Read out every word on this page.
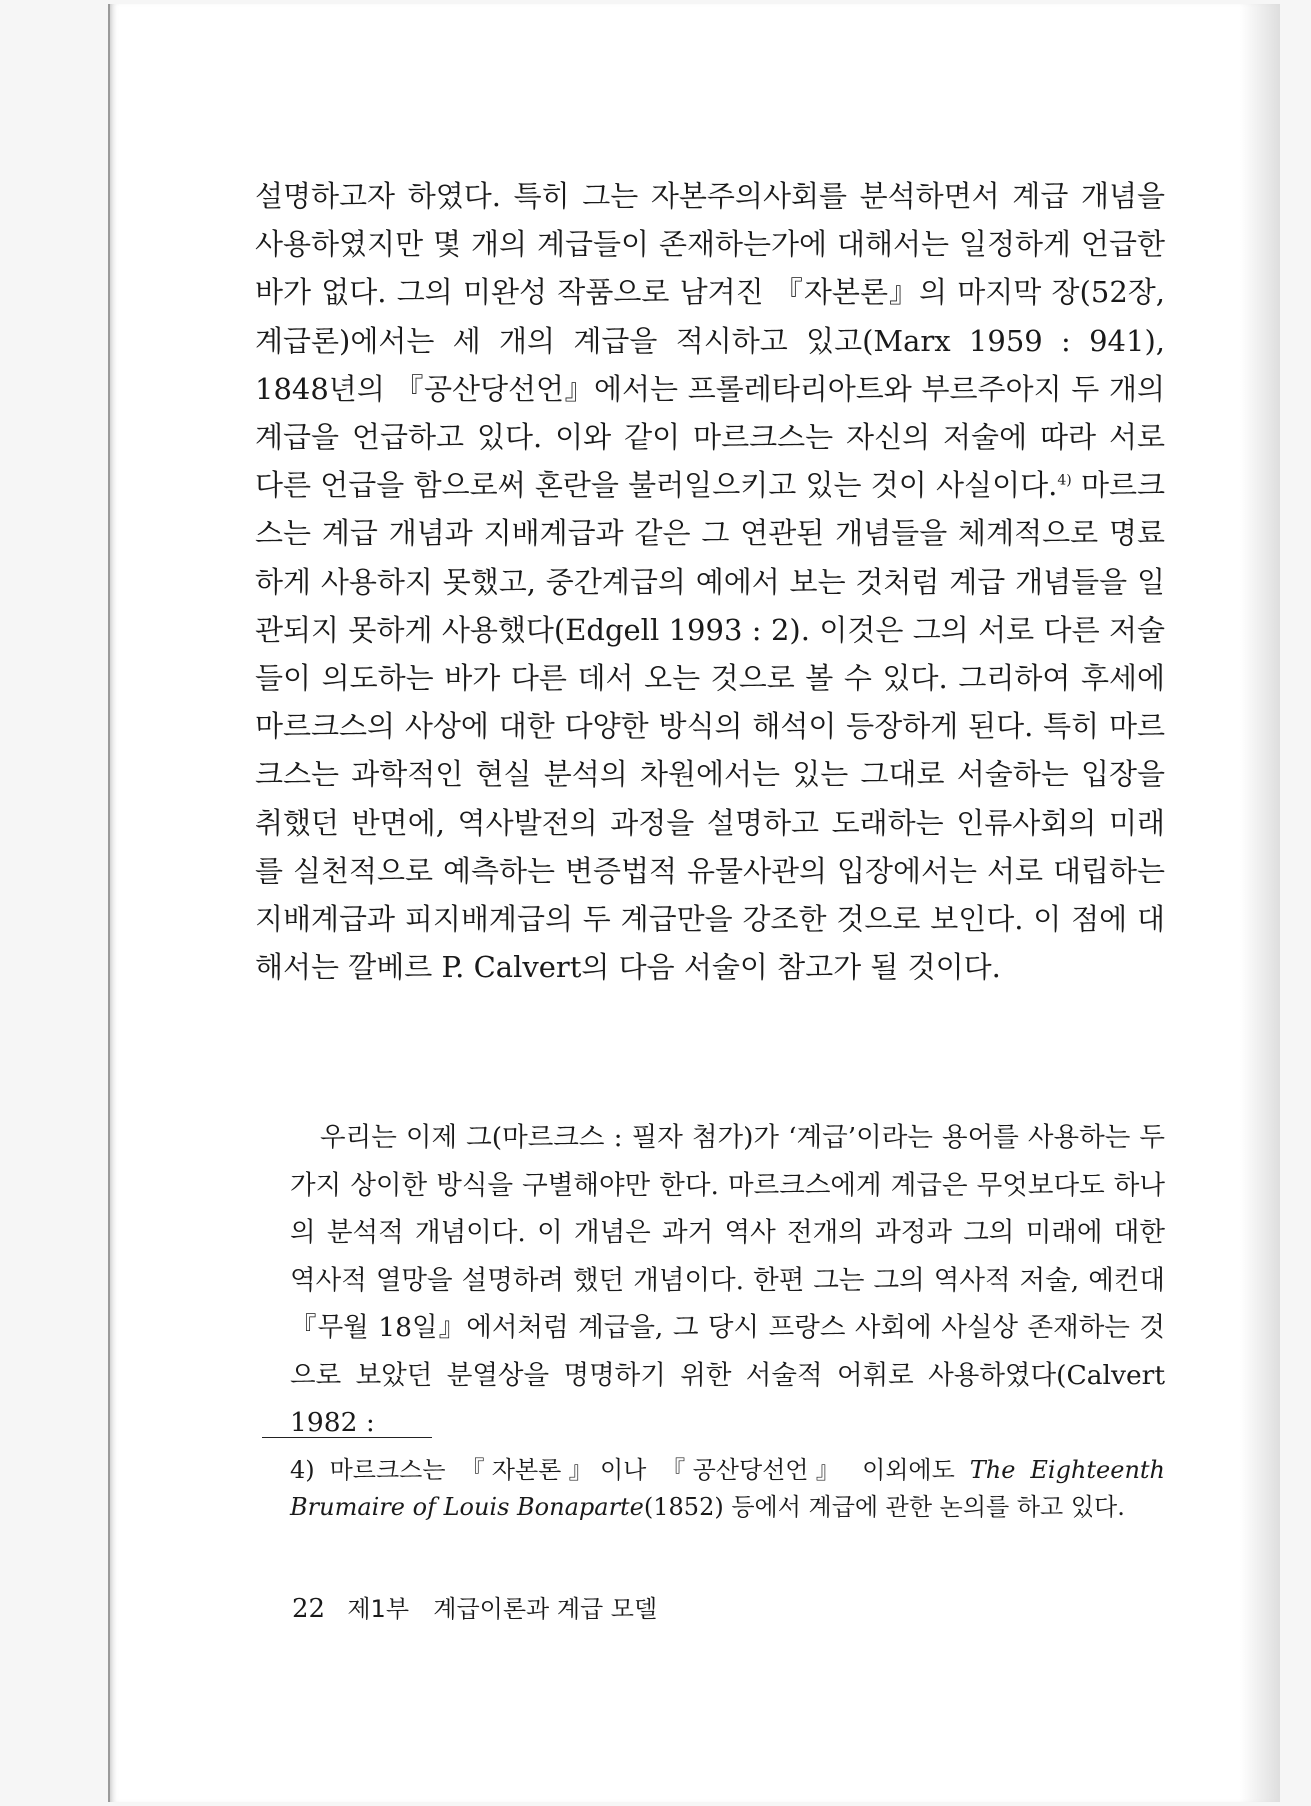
설명하고자 하였다. 특히 그는 자본주의사회를 분석하면서 계급 개념을 사용하였지만 몇 개의 계급들이 존재하는가에 대해서는 일정하게 언급한 바가 없다. 그의 미완성 작품으로 남겨진 『자본론』의 마지막 장(52장, 계급론)에서는 세 개의 계급을 적시하고 있고(Marx 1959 : 941), 1848년의 『공산당선언』에서는 프롤레타리아트와 부르주아지 두 개의 계급을 언급하고 있다. 이와 같이 마르크스는 자신의 저술에 따라 서로 다른 언급을 함으로써 혼란을 불러일으키고 있는 것이 사실이다.$^{4)}$ 마르크스는 계급 개념과 지배계급과 같은 그 연관된 개념들을 체계적으로 명료하게 사용하지 못했고, 중간계급의 예에서 보는 것처럼 계급 개념들을 일관되지 못하게 사용했다(Edgell 1993 : 2). 이것은 그의 서로 다른 저술들이 의도하는 바가 다른 데서 오는 것으로 볼 수 있다. 그리하여 후세에 마르크스의 사상에 대한 다양한 방식의 해석이 등장하게 된다. 특히 마르크스는 과학적인 현실 분석의 차원에서는 있는 그대로 서술하는 입장을 취했던 반면에, 역사발전의 과정을 설명하고 도래하는 인류사회의 미래를 실천적으로 예측하는 변증법적 유물사관의 입장에서는 서로 대립하는 지배계급과 피지배계급의 두 계급만을 강조한 것으로 보인다. 이 점에 대해서는 깔베르 P. Calvert의 다음 서술이 참고가 될 것이다.

우리는 이제 그(마르크스 : 필자 첨가)가 ‘계급’이라는 용어를 사용하는 두 가지 상이한 방식을 구별해야만 한다. 마르크스에게 계급은 무엇보다도 하나의 분석적 개념이다. 이 개념은 과거 역사 전개의 과정과 그의 미래에 대한 역사적 열망을 설명하려 했던 개념이다. 한편 그는 그의 역사적 저술, 예컨대 『무월 18일』에서처럼 계급을, 그 당시 프랑스 사회에 사실상 존재하는 것으로 보았던 분열상을 명명하기 위한 서술적 어휘로 사용하였다(Calvert 1982 :

4) 마르크스는 『자본론』이나 『공산당선언』 이외에도 The Eighteenth Brumaire of Louis Bonaparte(1852) 등에서 계급에 관한 논의를 하고 있다.

22 제1부 계급이론과 계급 모델
